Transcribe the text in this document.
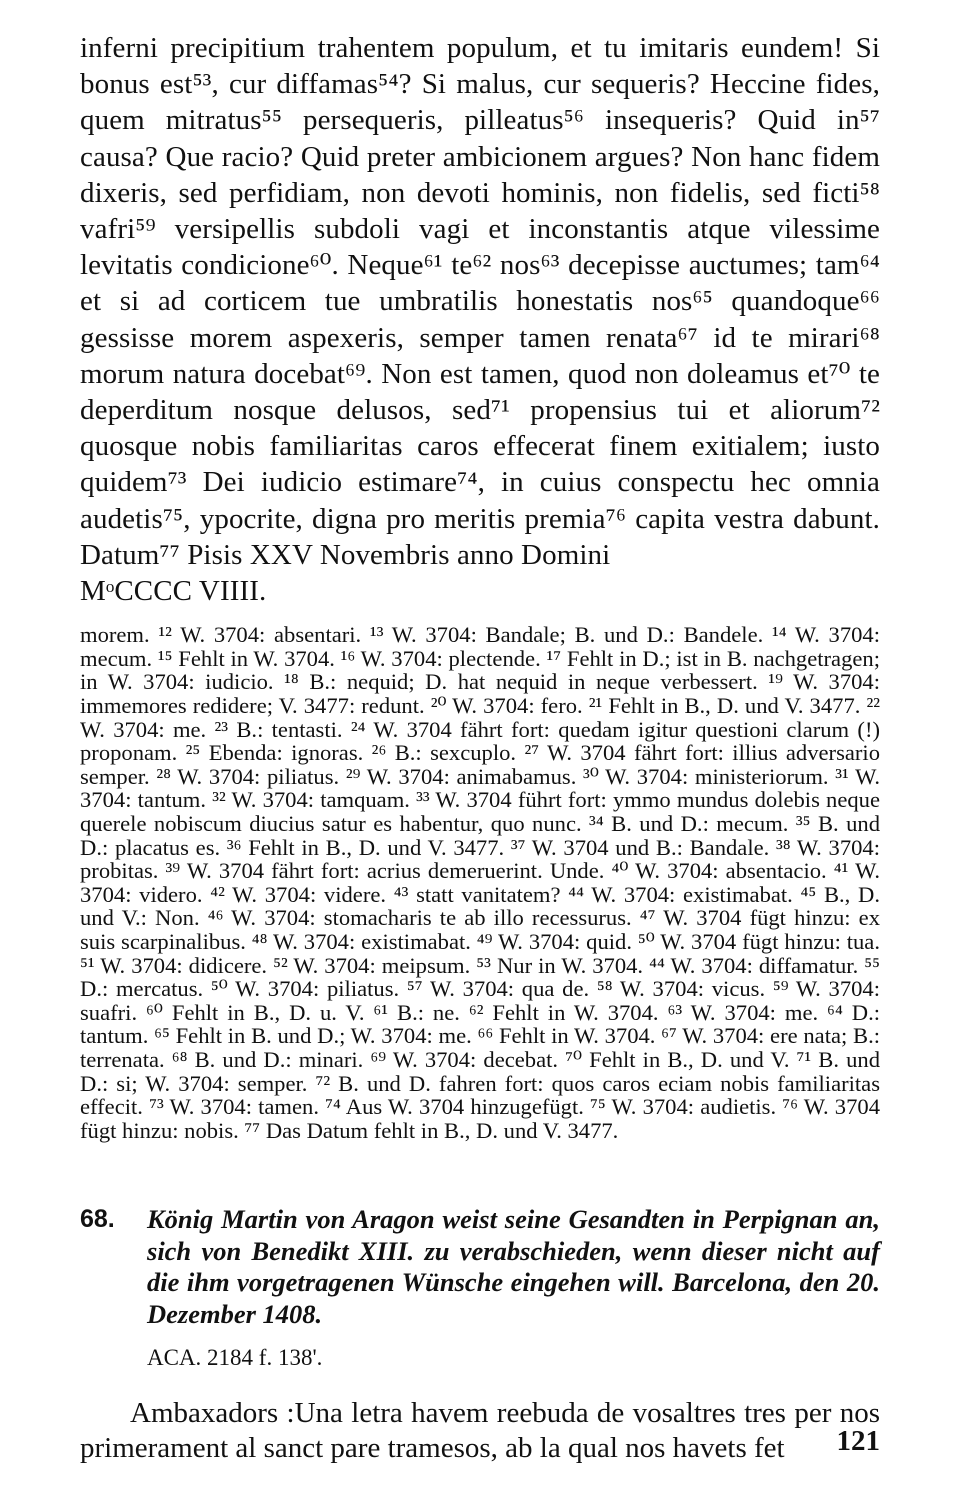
inferni precipitium trahentem populum, et tu imitaris eundem! Si bonus est⁵³, cur diffamas⁵⁴? Si malus, cur sequeris? Heccine fides, quem mitratus⁵⁵ persequeris, pilleatus⁵⁶ insequeris? Quid in⁵⁷ causa? Que racio? Quid preter ambicionem argues? Non hanc fidem dixeris, sed perfidiam, non devoti hominis, non fidelis, sed ficti⁵⁸ vafri⁵⁹ versipellis subdoli vagi et inconstantis atque vilessime levitatis condicione⁶⁰. Neque⁶¹ te⁶² nos⁶³ decepisse auctumes; tam⁶⁴ et si ad corticem tue umbratilis honestatis nos⁶⁵ quandoque⁶⁶ gessisse morem aspexeris, semper tamen renata⁶⁷ id te mirari⁶⁸ morum natura docebat⁶⁹. Non est tamen, quod non doleamus et⁷⁰ te deperditum nosque delusos, sed⁷¹ propensius tui et aliorum⁷² quosque nobis familiaritas caros effecerat finem exitialem; iusto quidem⁷³ Dei iudicio estimare⁷⁴, in cuius conspectu hec omnia audetis⁷⁵, ypocrite, digna pro meritis premia⁷⁶ capita vestra dabunt. Datum⁷⁷ Pisis XXV Novembris anno Domini

MᵒCCCC VIIII.

morem. ¹² W. 3704: absentari. ¹³ W. 3704: Bandale; B. und D.: Bandele. ¹⁴ W. 3704: mecum. ¹⁵ Fehlt in W. 3704. ¹⁶ W. 3704: plectende. ¹⁷ Fehlt in D.; ist in B. nachgetragen; in W. 3704: iudicio. ¹⁸ B.: nequid; D. hat nequid in neque verbessert. ¹⁹ W. 3704: immemores redidere; V. 3477: redunt. ²⁰ W. 3704: fero. ²¹ Fehlt in B., D. und V. 3477. ²² W. 3704: me. ²³ B.: tentasti. ²⁴ W. 3704 fährt fort: quedam igitur questioni clarum (!) proponam. ²⁵ Ebenda: ignoras. ²⁶ B.: sexcuplo. ²⁷ W. 3704 fährt fort: illius adversario semper. ²⁸ W. 3704: piliatus. ²⁹ W. 3704: animabamus. ³⁰ W. 3704: ministeriorum. ³¹ W. 3704: tantum. ³² W. 3704: tamquam. ³³ W. 3704 führt fort: ymmo mundus dolebis neque querele nobiscum diucius satur es habentur, quo nunc. ³⁴ B. und D.: mecum. ³⁵ B. und D.: placatus es. ³⁶ Fehlt in B., D. und V. 3477. ³⁷ W. 3704 und B.: Bandale. ³⁸ W. 3704: probitas. ³⁹ W. 3704 fährt fort: acrius demeruerint. Unde. ⁴⁰ W. 3704: absentacio. ⁴¹ W. 3704: videro. ⁴² W. 3704: videre. ⁴³ statt vanitatem? ⁴⁴ W. 3704: existimabat. ⁴⁵ B., D. und V.: Non. ⁴⁶ W. 3704: stomacharis te ab illo recessurus. ⁴⁷ W. 3704 fügt hinzu: ex suis scarpinalibus. ⁴⁸ W. 3704: existimabat. ⁴⁹ W. 3704: quid. ⁵⁰ W. 3704 fügt hinzu: tua. ⁵¹ W. 3704: didicere. ⁵² W. 3704: meipsum. ⁵³ Nur in W. 3704. ⁴⁴ W. 3704: diffamatur. ⁵⁵ D.: mercatus. ⁵⁰ W. 3704: piliatus. ⁵⁷ W. 3704: qua de. ⁵⁸ W. 3704: vicus. ⁵⁹ W. 3704: suafri. ⁶⁰ Fehlt in B., D. u. V. ⁶¹ B.: ne. ⁶² Fehlt in W. 3704. ⁶³ W. 3704: me. ⁶⁴ D.: tantum. ⁶⁵ Fehlt in B. und D.; W. 3704: me. ⁶⁶ Fehlt in W. 3704. ⁶⁷ W. 3704: ere nata; B.: terrenata. ⁶⁸ B. und D.: minari. ⁶⁹ W. 3704: decebat. ⁷⁰ Fehlt in B., D. und V. ⁷¹ B. und D.: si; W. 3704: semper. ⁷² B. und D. fahren fort: quos caros eciam nobis familiaritas effecit. ⁷³ W. 3704: tamen. ⁷⁴ Aus W. 3704 hinzugefügt. ⁷⁵ W. 3704: audietis. ⁷⁶ W. 3704 fügt hinzu: nobis. ⁷⁷ Das Datum fehlt in B., D. und V. 3477.

68.	König Martin von Aragon weist seine Gesandten in Perpignan an, sich von Benedikt XIII. zu verabschieden, wenn dieser nicht auf die ihm vorgetragenen Wünsche eingehen will. Barcelona, den 20. Dezember 1408.
ACA. 2184 f. 138'.

Ambaxadors :Una letra havem reebuda de vosaltres tres per nos primerament al sanct pare tramesos, ab la qual nos havets fet	121
